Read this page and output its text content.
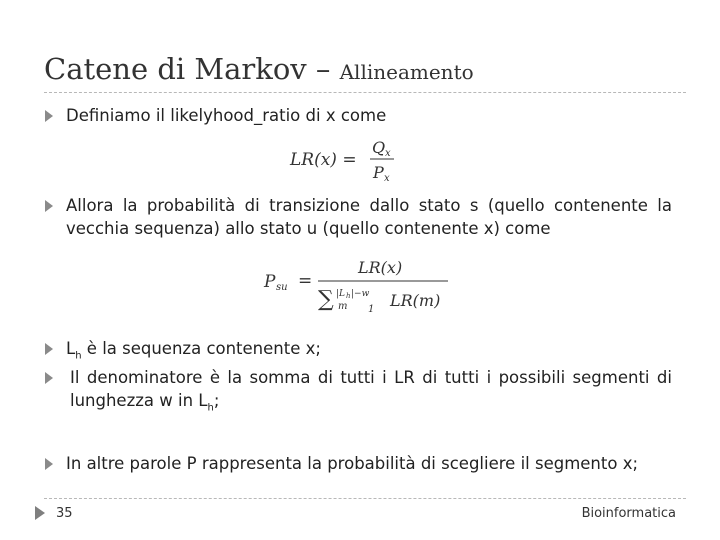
Catene di Markov – Allineamento
Definiamo il likelyhood_ratio di x come
LR(x) =
Q x
P x
Allora la probabilità di transizione dallo stato s (quello contenente la vecchia sequenza) allo stato u (quello contenente x) come
P su =
LR(x)
∑ |L h |−w
m 1 LR(m)
$L_h$ è la sequenza contenente x;
Il denominatore è la somma di tutti i LR di tutti i possibili segmenti di lunghezza w in $L_h$;
In altre parole P rappresenta la probabilità di scegliere il segmento x;
35	Bioinformatica
